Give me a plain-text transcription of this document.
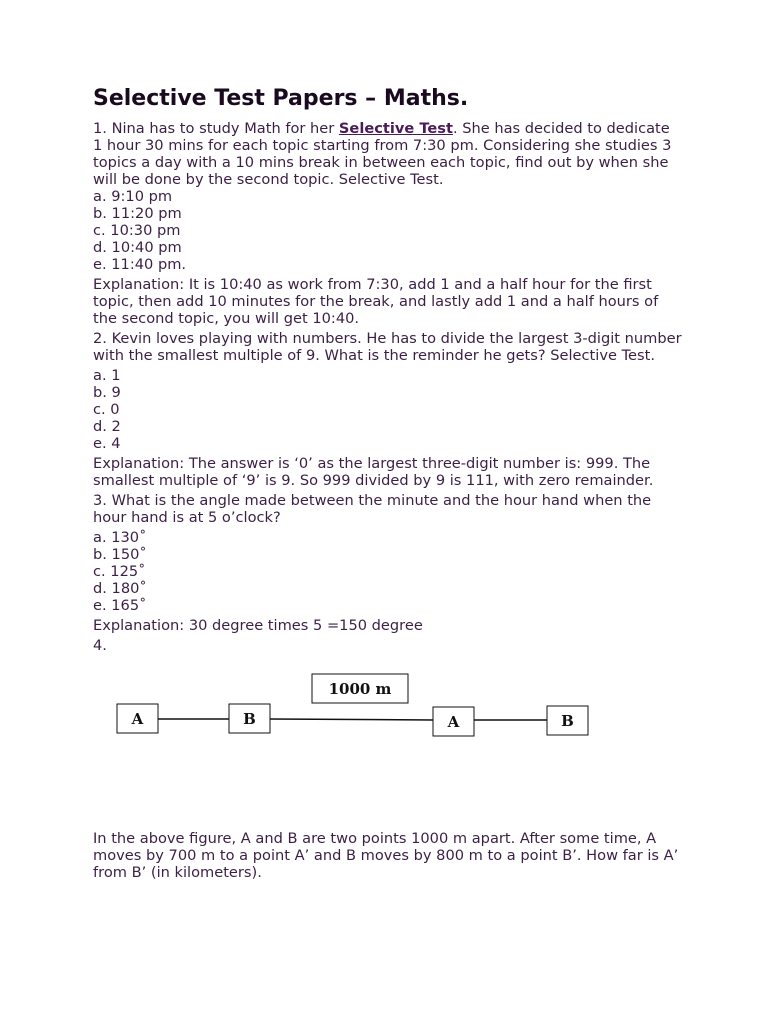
Selective Test Papers – Maths.

1. Nina has to study Math for her Selective Test. She has decided to dedicate 1 hour 30 mins for each topic starting from 7:30 pm. Considering she studies 3 topics a day with a 10 mins break in between each topic, find out by when she will be done by the second topic. Selective Test.

a. 9:10 pm
b. 11:20 pm
c. 10:30 pm
d. 10:40 pm
e. 11:40 pm.

Explanation: It is 10:40 as work from 7:30, add 1 and a half hour for the first topic, then add 10 minutes for the break, and lastly add 1 and a half hours of the second topic, you will get 10:40.

2. Kevin loves playing with numbers. He has to divide the largest 3-digit number with the smallest multiple of 9. What is the reminder he gets? Selective Test.

a. 1
b. 9
c. 0
d. 2
e. 4

Explanation: The answer is ‘0’ as the largest three-digit number is: 999. The smallest multiple of ‘9’ is 9. So 999 divided by 9 is 111, with zero remainder.

3. What is the angle made between the minute and the hour hand when the hour hand is at 5 o’clock?

a. 130˚
b. 150˚
c. 125˚
d. 180˚
e. 165˚

Explanation: 30 degree times 5 =150 degree

4.

1000 m
A	B	A	B

In the above figure, A and B are two points 1000 m apart. After some time, A moves by 700 m to a point A’ and B moves by 800 m to a point B’. How far is A’ from B’ (in kilometers).
